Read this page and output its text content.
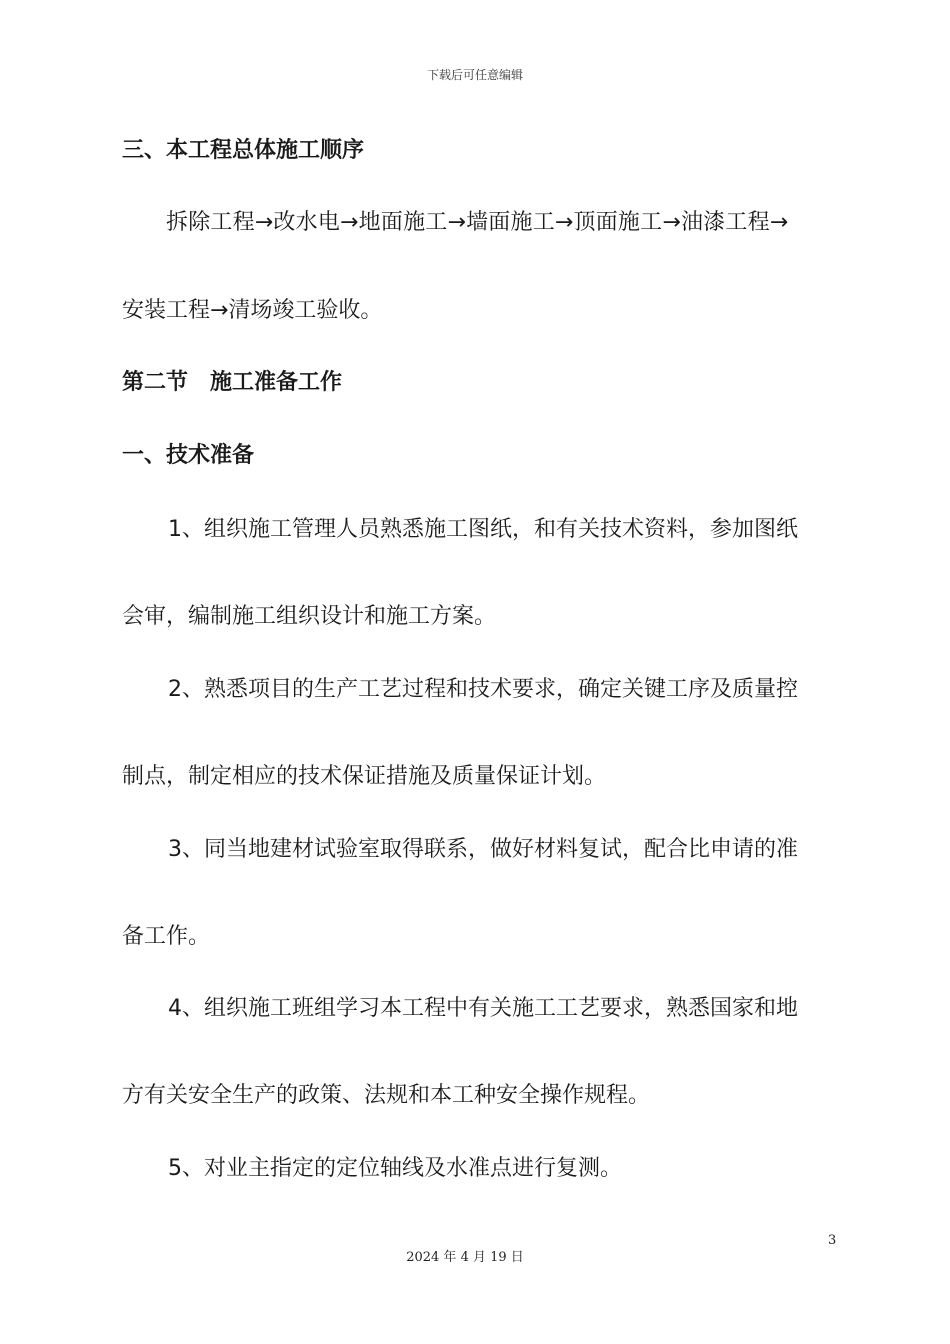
下载后可任意编辑
三、本工程总体施工顺序
拆除工程→改水电→地面施工→墙面施工→顶面施工→油漆工程→
安装工程→清场竣工验收。
第二节　施工准备工作
一、技术准备
1、组织施工管理人员熟悉施工图纸，和有关技术资料，参加图纸
会审，编制施工组织设计和施工方案。
2、熟悉项目的生产工艺过程和技术要求，确定关键工序及质量控
制点，制定相应的技术保证措施及质量保证计划。
3、同当地建材试验室取得联系，做好材料复试，配合比申请的准
备工作。
4、组织施工班组学习本工程中有关施工工艺要求，熟悉国家和地
方有关安全生产的政策、法规和本工种安全操作规程。
5、对业主指定的定位轴线及水准点进行复测。
3
2024 年 4 月 19 日
